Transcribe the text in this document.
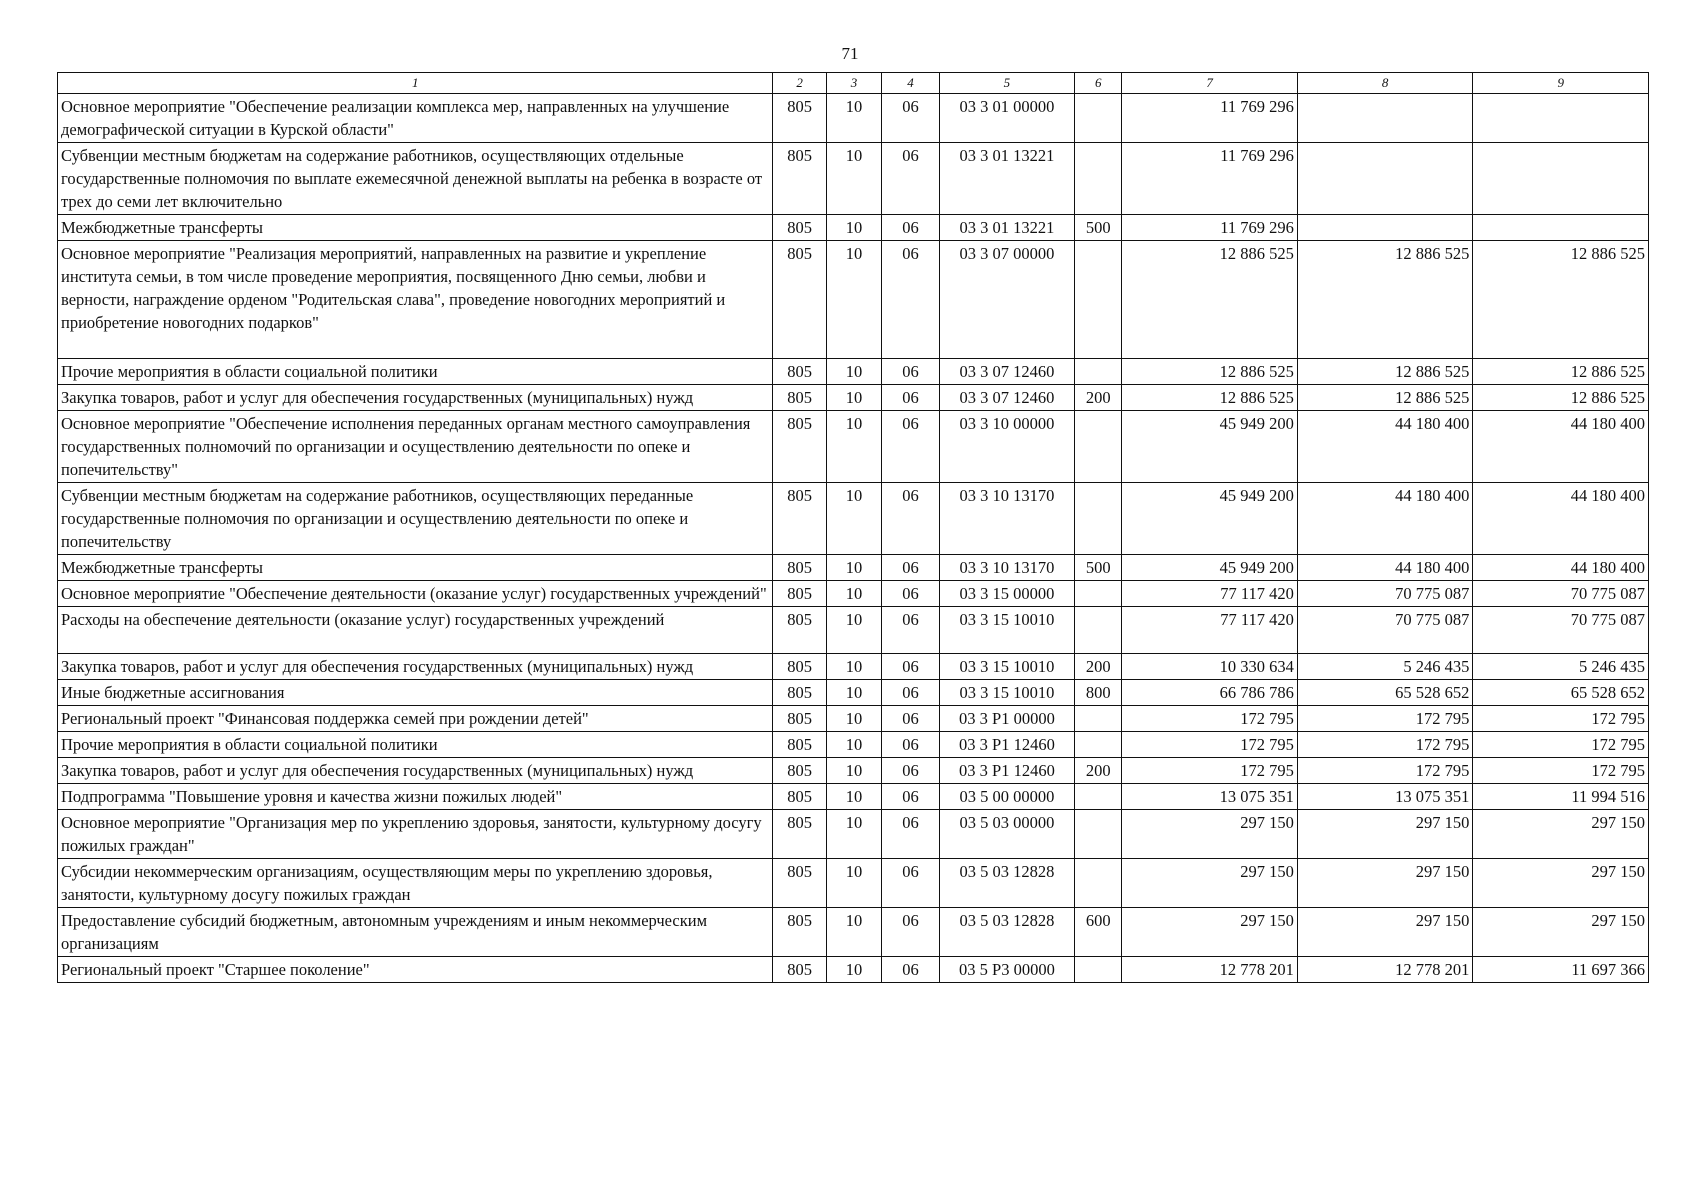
71
1	2	3	4	5	6	7	8	9
Основное мероприятие "Обеспечение реализации комплекса мер, направленных на улучшение демографической ситуации в Курской области"	805	10	06	03 3 01 00000		11 769 296		
Субвенции местным бюджетам на содержание работников, осуществляющих отдельные государственные полномочия по выплате ежемесячной денежной выплаты на ребенка в возрасте от трех до семи лет включительно	805	10	06	03 3 01 13221		11 769 296		
Межбюджетные трансферты	805	10	06	03 3 01 13221	500	11 769 296		
Основное мероприятие "Реализация мероприятий, направленных на развитие и укрепление института семьи, в том числе проведение мероприятия, посвященного Дню семьи, любви и верности, награждение орденом "Родительская слава", проведение новогодних мероприятий и приобретение новогодних подарков"	805	10	06	03 3 07 00000		12 886 525	12 886 525	12 886 525
Прочие мероприятия в области социальной политики	805	10	06	03 3 07 12460		12 886 525	12 886 525	12 886 525
Закупка товаров, работ и услуг для обеспечения государственных (муниципальных) нужд	805	10	06	03 3 07 12460	200	12 886 525	12 886 525	12 886 525
Основное мероприятие "Обеспечение исполнения переданных органам местного самоуправления государственных полномочий по организации и осуществлению деятельности по опеке и попечительству"	805	10	06	03 3 10 00000		45 949 200	44 180 400	44 180 400
Субвенции местным бюджетам на содержание работников, осуществляющих переданные государственные полномочия по организации и осуществлению деятельности по опеке и попечительству	805	10	06	03 3 10 13170		45 949 200	44 180 400	44 180 400
Межбюджетные трансферты	805	10	06	03 3 10 13170	500	45 949 200	44 180 400	44 180 400
Основное мероприятие "Обеспечение деятельности (оказание услуг) государственных учреждений"	805	10	06	03 3 15 00000		77 117 420	70 775 087	70 775 087
Расходы на обеспечение деятельности (оказание услуг) государственных учреждений	805	10	06	03 3 15 10010		77 117 420	70 775 087	70 775 087
Закупка товаров, работ и услуг для обеспечения государственных (муниципальных) нужд	805	10	06	03 3 15 10010	200	10 330 634	5 246 435	5 246 435
Иные бюджетные ассигнования	805	10	06	03 3 15 10010	800	66 786 786	65 528 652	65 528 652
Региональный проект "Финансовая поддержка семей при рождении детей"	805	10	06	03 3 P1 00000		172 795	172 795	172 795
Прочие мероприятия в области социальной политики	805	10	06	03 3 P1 12460		172 795	172 795	172 795
Закупка товаров, работ и услуг для обеспечения государственных (муниципальных) нужд	805	10	06	03 3 P1 12460	200	172 795	172 795	172 795
Подпрограмма "Повышение уровня и качества жизни пожилых людей"	805	10	06	03 5 00 00000		13 075 351	13 075 351	11 994 516
Основное мероприятие "Организация мер по укреплению здоровья, занятости, культурному досугу пожилых граждан"	805	10	06	03 5 03 00000		297 150	297 150	297 150
Субсидии некоммерческим организациям, осуществляющим меры по укреплению здоровья, занятости, культурному досугу пожилых граждан	805	10	06	03 5 03 12828		297 150	297 150	297 150
Предоставление субсидий бюджетным, автономным учреждениям и иным некоммерческим организациям	805	10	06	03 5 03 12828	600	297 150	297 150	297 150
Региональный проект "Старшее поколение"	805	10	06	03 5 P3 00000		12 778 201	12 778 201	11 697 366
